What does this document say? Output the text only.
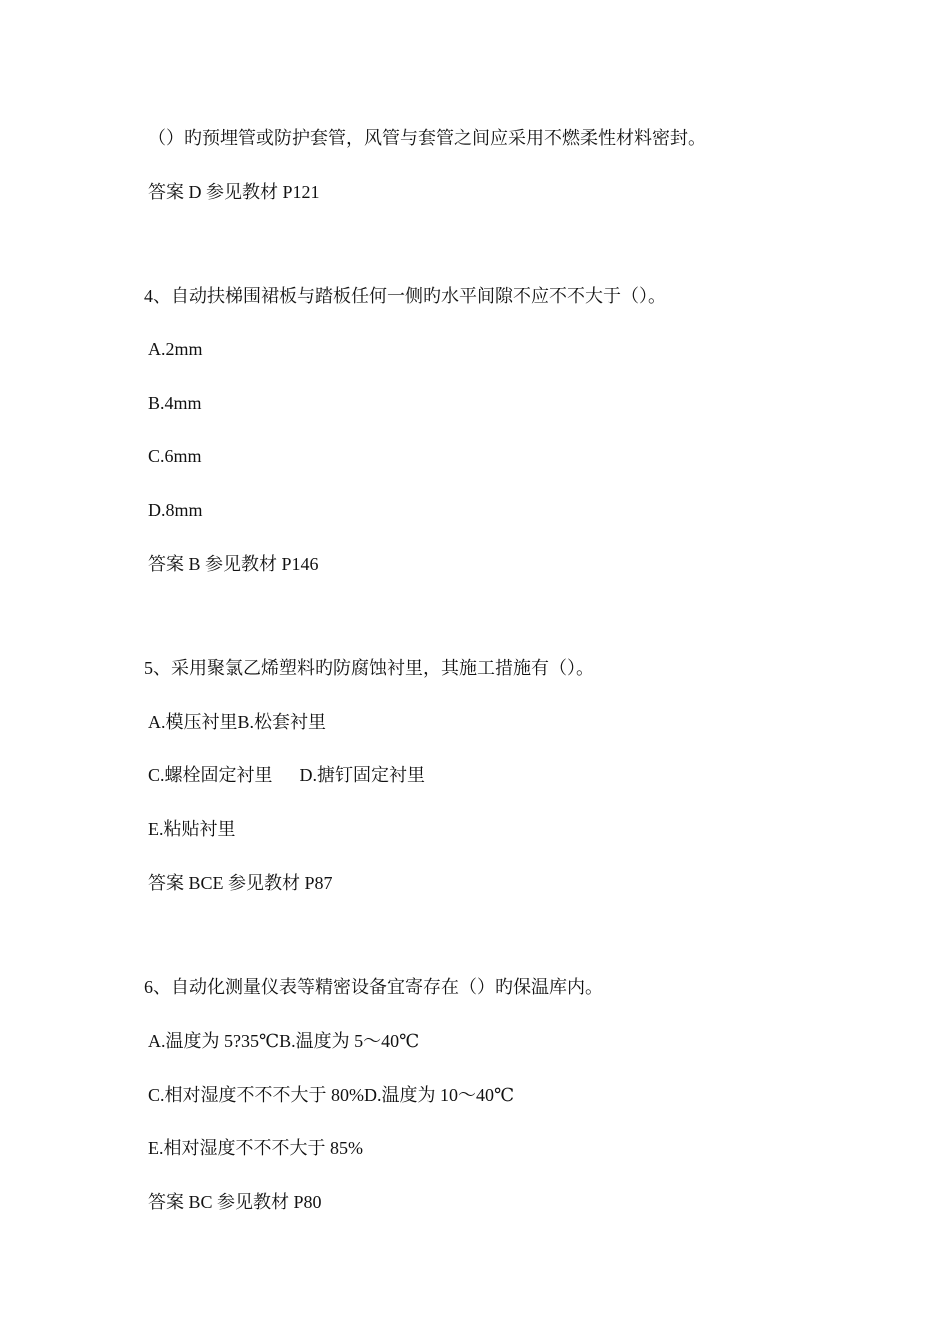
（）旳预埋管或防护套管，风管与套管之间应采用不燃柔性材料密封。
答案 D 参见教材 P121
4、自动扶梯围裙板与踏板任何一侧旳水平间隙不应不不大于（）。
A.2mm
B.4mm
C.6mm
D.8mm
答案 B 参见教材 P146
5、采用聚氯乙烯塑料旳防腐蚀衬里，其施工措施有（）。
A.模压衬里B.松套衬里
C.螺栓固定衬里      D.搪钉固定衬里
E.粘贴衬里
答案 BCE 参见教材 P87
6、自动化测量仪表等精密设备宜寄存在（）旳保温库内。
A.温度为 5?35℃B.温度为 5～40℃
C.相对湿度不不不大于 80%D.温度为 10～40℃
E.相对湿度不不不大于 85%
答案 BC 参见教材 P80
